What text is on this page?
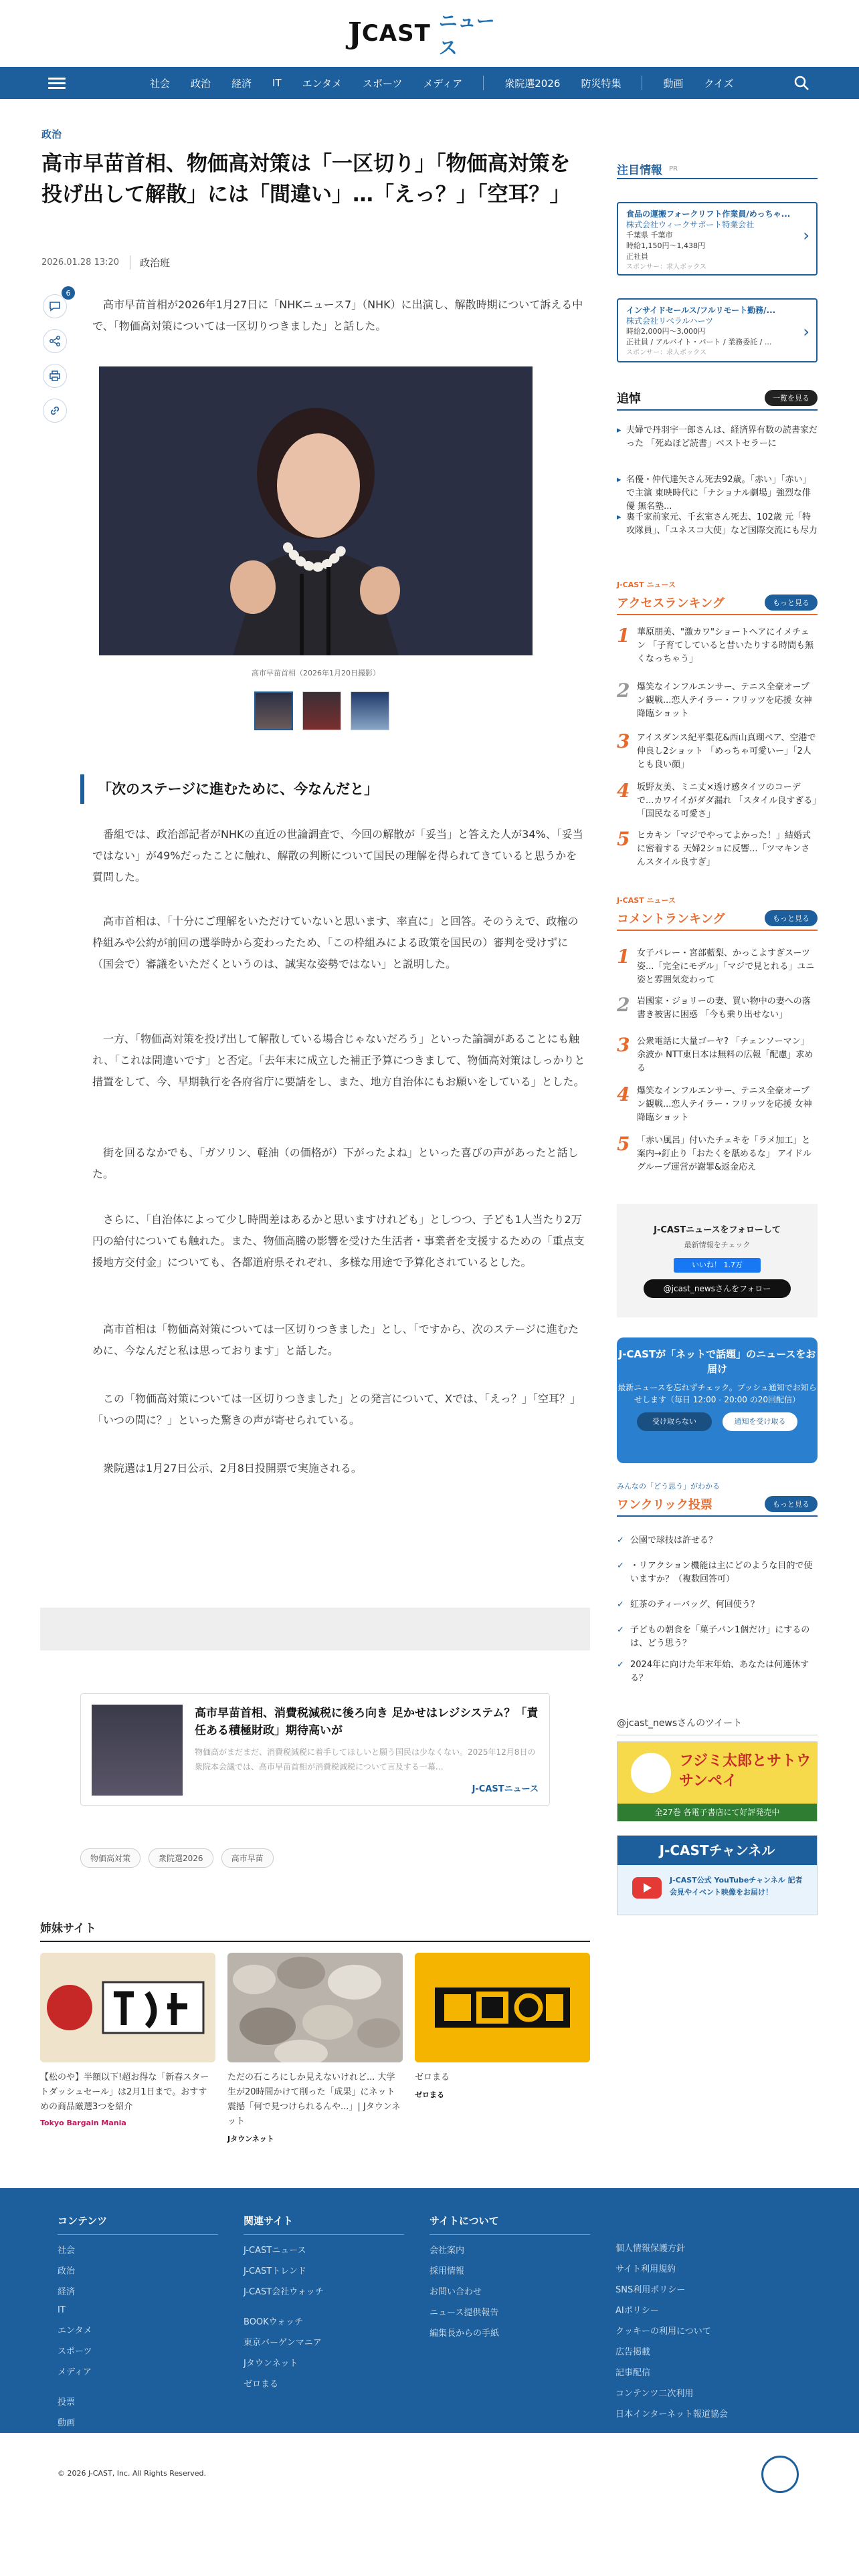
J CAST ニュース
社会 政治 経済 IT エンタメ スポーツ メディア	衆院選2026 防災特集	動画 クイズ
政治
高市早苗首相、物価高対策は「一区切り」「物価高対策を投げ出して解散」には「間違い」…「えっ？」「空耳？」
2026.01.28 13:20	政治班
6

高市早苗首相が2026年1月27日に「NHKニュース7」（NHK）に出演し、解散時期について訴える中で、「物価高対策については一区切りつきました」と話した。

高市早苗首相（2026年1月20日撮影）
「次のステージに進むために、今なんだと」

番組では、政治部記者がNHKの直近の世論調査で、今回の解散が「妥当」と答えた人が34%、「妥当ではない」が49%だったことに触れ、解散の判断について国民の理解を得られてきていると思うかを質問した。

高市首相は、「十分にご理解をいただけていないと思います、率直に」と回答。そのうえで、政権の枠組みや公約が前回の選挙時から変わったため、「この枠組みによる政策を国民の）審判を受けずに（国会で）審議をいただくというのは、誠実な姿勢ではない」と説明した。

一方、「物価高対策を投げ出して解散している場合じゃないだろう」といった論調があることにも触れ、「これは間違いです」と否定。「去年末に成立した補正予算につきまして、物価高対策はしっかりと措置をして、今、早期執行を各府省庁に要請をし、また、地方自治体にもお願いをしている」とした。

街を回るなかでも、「ガソリン、軽油（の価格が）下がったよね」といった喜びの声があったと話した。

さらに、「自治体によって少し時間差はあるかと思いますけれども」としつつ、子ども1人当たり2万円の給付についても触れた。また、物価高騰の影響を受けた生活者・事業者を支援するための「重点支援地方交付金」についても、各都道府県それぞれ、多様な用途で予算化されているとした。

高市首相は「物価高対策については一区切りつきました」とし、「ですから、次のステージに進むために、今なんだと私は思っております」と話した。

この「物価高対策については一区切りつきました」との発言について、Xでは、「えっ？」「空耳？」「いつの間に？」といった驚きの声が寄せられている。

衆院選は1月27日公示、2月8日投開票で実施される。

高市早苗首相、消費税減税に後ろ向き 足かせはレジシステム？「責任ある積極財政」期待高いが
物価高がまだまだ、消費税減税に着手してほしいと願う国民は少なくない。2025年12月8日の衆院本会議では、高市早苗首相が消費税減税について言及する一幕…
J-CASTニュース
物価高対策	衆院選2026	高市早苗
姉妹サイト
【松のや】半額以下!超お得な「新春スタートダッシュセール」は2月1日まで。おすすめの商品厳選3つを紹介
Tokyo Bargain Mania
ただの石ころにしか見えないけれど... 大学生が20時間かけて削った「成果」にネット震撼「何で見つけられるんや...」| Jタウンネット
Jタウンネット
ゼロまる
ゼロまる
注目情報 PR
食品の運搬フォークリフト作業員/めっちゃ...
株式会社ウィークサポート特業会社
千葉県 千葉市
時給1,150円〜1,438円
正社員
スポンサー：求人ボックス
›
インサイドセールス/フルリモート勤務/...
株式会社リベラルハーツ
時給2,000円〜3,000円
正社員 / アルバイト・パート / 業務委託 / ...
スポンサー：求人ボックス
›
追悼	一覧を見る
▸ 夫婦で丹羽宇一郎さんは、経済界有数の読書家だった 「死ぬほど読書」ベストセラーに
▸ 名優・仲代達矢さん死去92歳。「赤い」「赤い」で主演 東映時代に「ナショナル劇場」強烈な俳優 無名塾...
▸ 裏千家前家元、千玄室さん死去、102歳 元「特攻隊員」、「ユネスコ大使」など国際交流にも尽力
J-CAST ニュース
アクセスランキング	もっと見る
1 華原朋美、"激カワ"ショートへアにイメチェン 「子育てしていると昔いたりする時間も無くなっちゃう」
2 爆笑なインフルエンサー、テニス全豪オープン観戦...恋人テイラー・フリッツを応援 女神降臨ショット
3 アイスダンス紀平梨花&西山真瑚ペア、空港で仲良し2ショット 「めっちゃ可愛いー」「2人とも良い顔」
4 坂野友美、ミニ丈×透け感タイツのコーデで...カワイイがダダ漏れ 「スタイル良すぎる」「国民なる可愛さ」
5 ヒカキン「マジでやってよかった！」結婚式に密着する 天婦2ショに反響...「ツマキンさんスタイル良すぎ」
J-CAST ニュース
コメントランキング	もっと見る
1 女子バレー・宮部藍梨、かっこよすぎスーツ姿...「完全にモデル」「マジで見とれる」ユニ姿と雰囲気変わって
2 岩國家・ジョリーの妻、買い物中の妻への落書き被害に困惑 「今も乗り出せない」
3 公衆電話に大量ゴーヤ? 「チェンソーマン」余波か NTT東日本は無料の広報「配慮」求める
4 爆笑なインフルエンサー、テニス全豪オープン観戦...恋人テイラー・フリッツを応援 女神降臨ショット
5 「赤い風呂」付いたチェキを「ラメ加工」と案内→釘止り「おたくを舐めるな」 アイドルグループ運営が謝罪&返金応え
J-CASTニュースをフォローして
最新情報をチェック
いいね！ 1.7万
@jcast_newsさんをフォロー
J-CASTが「ネットで話題」のニュースをお届け
最新ニュースを忘れずチェック。プッシュ通知でお知らせします（毎日 12:00 - 20:00 の20回配信）
受け取らない	通知を受け取る
みんなの「どう思う」がわかる
ワンクリック投票	もっと見る
✓ 公園で球技は許せる？
✓ ・リアクション機能は主にどのような目的で使いますか？（複数回答可）
✓ 紅茶のティーバッグ、何回使う？
✓ 子どもの朝食を「菓子パン1個だけ」にするのは、どう思う？
✓ 2024年に向けた年末年始、あなたは何連休する？
@jcast_newsさんのツイート
フジミ太郎とサトウ サンペイ
全27巻 各電子書店にて好評発売中
J-CASTチャンネル
J-CAST公式 YouTubeチャンネル 記者会見やイベント映像をお届け！
コンテンツ
社会
政治
経済
IT
エンタメ
スポーツ
メディア
投票
動画
関連サイト
J-CASTニュース
J-CASTトレンド
J-CAST会社ウォッチ
BOOKウォッチ
東京バーゲンマニア
Jタウンネット
ゼロまる
サイトについて
会社案内
採用情報
お問い合わせ
ニュース提供報告
編集長からの手紙

個人情報保護方針
サイト利用規約
SNS利用ポリシー
AIポリシー
クッキーの利用について
広告掲載
記事配信
コンテンツ二次利用
日本インターネット報道協会
© 2026 J-CAST, Inc. All Rights Reserved.
